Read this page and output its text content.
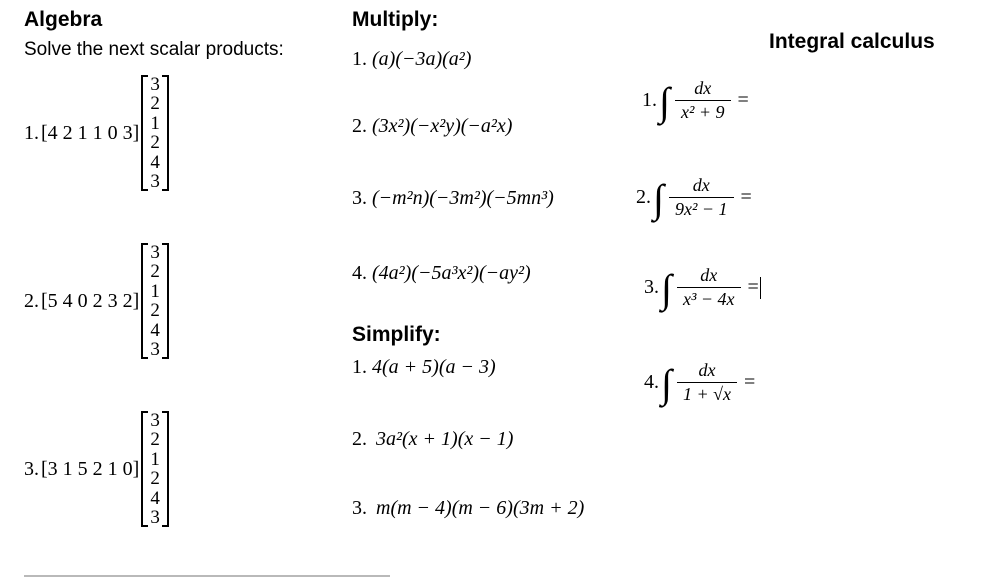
Algebra
Solve the next scalar products:
1. [4 2 1 1 0 3]
3
2
1
2
4
3
2. [5 4 0 2 3 2]
3
2
1
2
4
3
3. [3 1 5 2 1 0]
3
2
1
2
4
3
Multiply:
1. (a)(−3a)(a²)
2. (3x²)(−x²y)(−a²x)
3. (−m²n)(−3m²)(−5mn³)
4. (4a²)(−5a³x²)(−ay²)
Simplify:
1. 4(a + 5)(a − 3)
2. 3a²(x + 1)(x − 1)
3. m(m − 4)(m − 6)(3m + 2)
Integral calculus
1. ∫ $\frac{dx}{\text{x² + 9}}$ =
2. ∫ $\frac{dx}{\text{9x² − 1}}$ =
3. ∫ $\frac{dx}{\text{x³ − 4x}}$ =
4. ∫ $\frac{dx}{1 + √x}$ =
